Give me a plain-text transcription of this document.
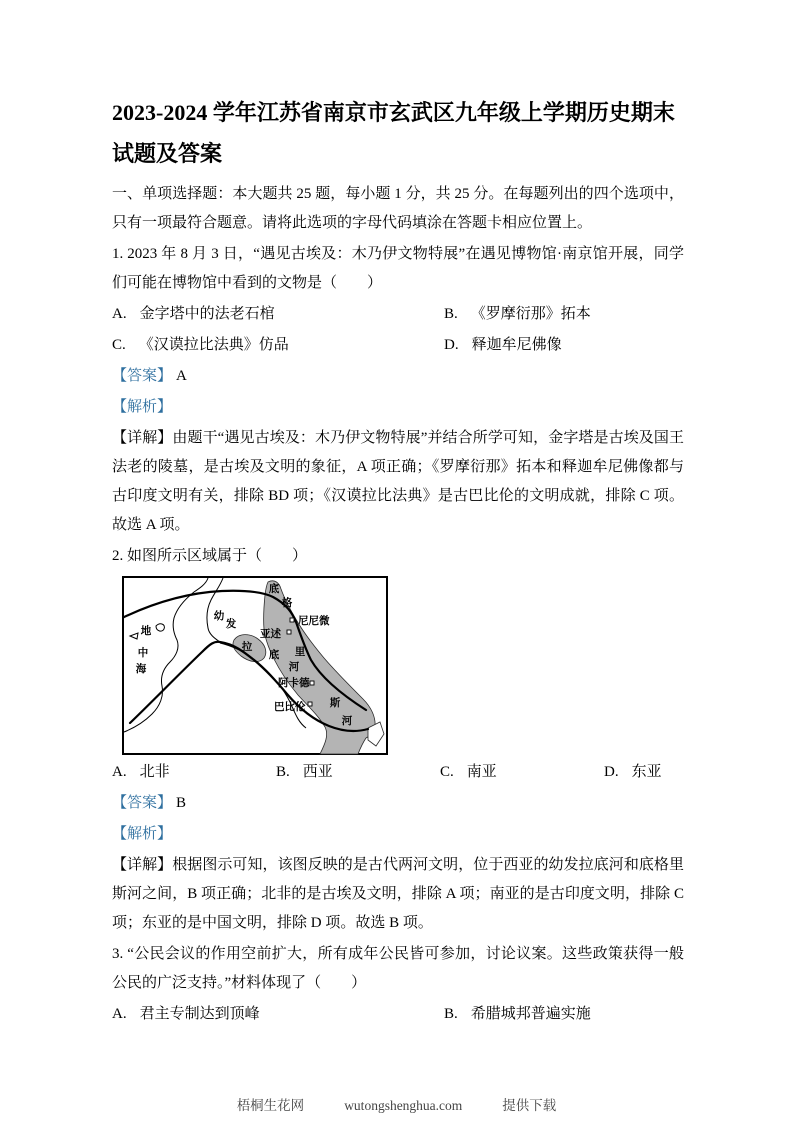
2023-2024 学年江苏省南京市玄武区九年级上学期历史期末
试题及答案

一、单项选择题：本大题共 25 题，每小题 1 分，共 25 分。在每题列出的四个选项中，只有一项最符合题意。请将此选项的字母代码填涂在答题卡相应位置上。

1. 2023 年 8 月 3 日，“遇见古埃及：木乃伊文物特展”在遇见博物馆·南京馆开展，同学们可能在博物馆中看到的文物是（　　）

A. 金字塔中的法老石棺	B. 《罗摩衍那》拓本
C. 《汉谟拉比法典》仿品	D. 释迦牟尼佛像

【答案】 A

【解析】

【详解】由题干“遇见古埃及：木乃伊文物特展”并结合所学可知，金字塔是古埃及国王法老的陵墓，是古埃及文明的象征，A 项正确；《罗摩衍那》拓本和释迦牟尼佛像都与古印度文明有关，排除 BD 项；《汉谟拉比法典》是古巴比伦的文明成就，排除 C 项。故选 A 项。

2. 如图所示区域属于（　　）

地
中
海
幼
发
拉
底
河
底
格
里
斯
河
尼尼微
亚述
阿卡德
巴比伦
A. 北非	B. 西亚	C. 南亚	D. 东亚

【答案】 B

【解析】

【详解】根据图示可知，该图反映的是古代两河文明，位于西亚的幼发拉底河和底格里斯河之间，B 项正确；北非的是古埃及文明，排除 A 项；南亚的是古印度文明，排除 C 项；东亚的是中国文明，排除 D 项。故选 B 项。

3. “公民会议的作用空前扩大，所有成年公民皆可参加，讨论议案。这些政策获得一般公民的广泛支持。”材料体现了（　　）

A. 君主专制达到顶峰	B. 希腊城邦普遍实施
梧桐生花网	wutongshenghua.com	提供下载
